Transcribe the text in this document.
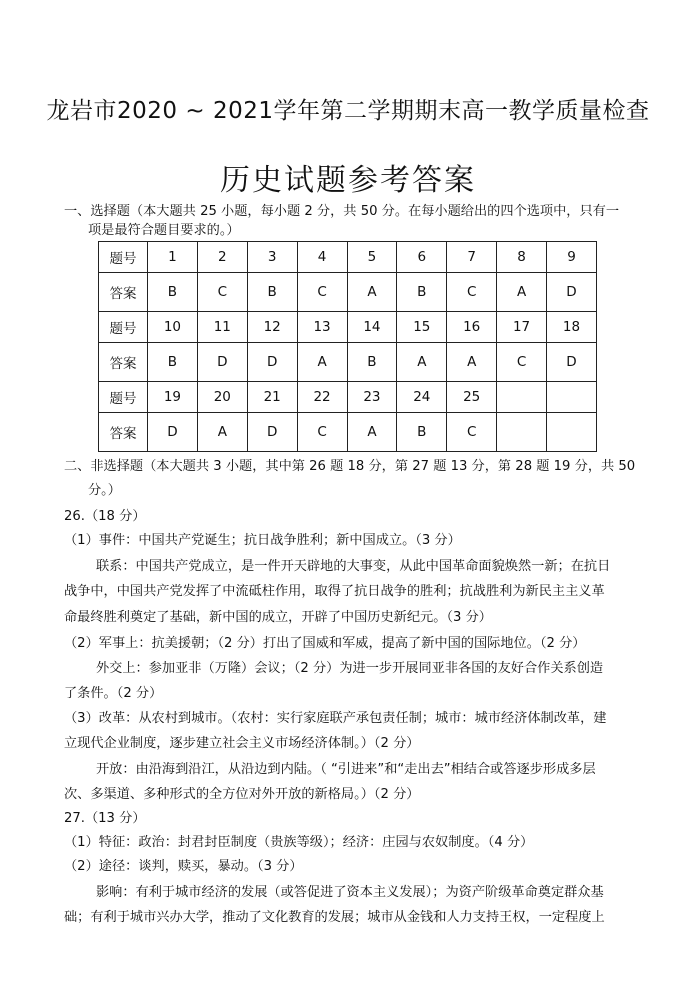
龙岩市2020 ~ 2021学年第二学期期末高一教学质量检查
历史试题参考答案
一、选择题（本大题共 25 小题，每小题 2 分，共 50 分。在每小题给出的四个选项中，只有一
项是最符合题目要求的。）
题号	1	2	3	4	5	6	7	8	9
答案	B	C	B	C	A	B	C	A	D
题号	10	11	12	13	14	15	16	17	18
答案	B	D	D	A	B	A	A	C	D
题号	19	20	21	22	23	24	25		
答案	D	A	D	C	A	B	C		
二、非选择题（本大题共 3 小题，其中第 26 题 18 分，第 27 题 13 分，第 28 题 19 分，共 50
分。）
26.（18 分）
（1）事件：中国共产党诞生；抗日战争胜利；新中国成立。（3 分）
联系：中国共产党成立，是一件开天辟地的大事变，从此中国革命面貌焕然一新；在抗日
战争中，中国共产党发挥了中流砥柱作用，取得了抗日战争的胜利；抗战胜利为新民主主义革
命最终胜利奠定了基础，新中国的成立，开辟了中国历史新纪元。（3 分）
（2）军事上：抗美援朝；（2 分）打出了国威和军威，提高了新中国的国际地位。（2 分）
外交上：参加亚非（万隆）会议；（2 分）为进一步开展同亚非各国的友好合作关系创造
了条件。（2 分）
（3）改革：从农村到城市。（农村：实行家庭联产承包责任制；城市：城市经济体制改革，建
立现代企业制度，逐步建立社会主义市场经济体制。）（2 分）
开放：由沿海到沿江，从沿边到内陆。（ “引进来”和“走出去”相结合或答逐步形成多层
次、多渠道、多种形式的全方位对外开放的新格局。）（2 分）
27.（13 分）
（1）特征：政治：封君封臣制度（贵族等级）；经济：庄园与农奴制度。（4 分）
（2）途径：谈判，赎买，暴动。（3 分）
影响：有利于城市经济的发展（或答促进了资本主义发展）；为资产阶级革命奠定群众基
础；有利于城市兴办大学，推动了文化教育的发展；城市从金钱和人力支持王权，一定程度上
